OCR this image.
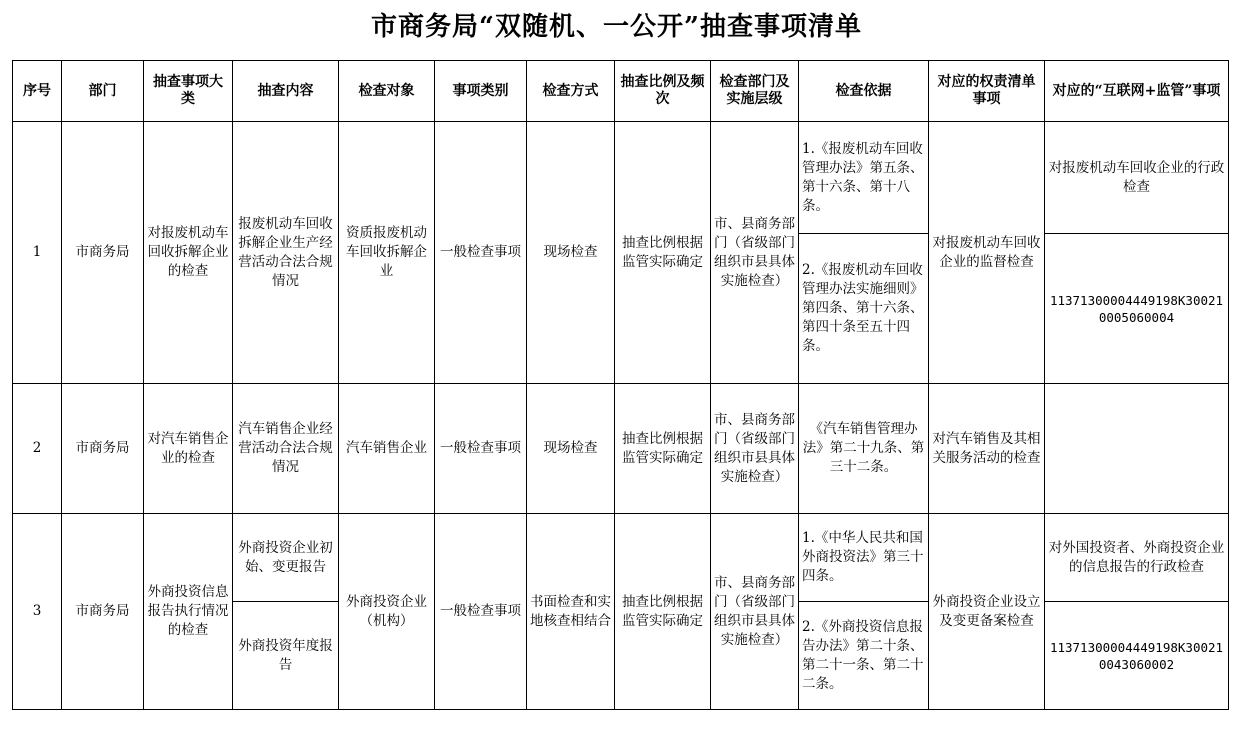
市商务局“双随机、一公开”抽查事项清单
序号	部门	抽查事项大类	抽查内容	检查对象	事项类别	检查方式	抽查比例及频次	检查部门及实施层级	检查依据	对应的权责清单事项	对应的“互联网+监管”事项
1	市商务局	对报废机动车回收拆解企业的检查	报废机动车回收拆解企业生产经营活动合法合规情况	资质报废机动车回收拆解企业	一般检查事项	现场检查	抽查比例根据监管实际确定	市、县商务部门（省级部门组织市县具体实施检查）	1.《报废机动车回收管理办法》第五条、第十六条、第十八条。	对报废机动车回收企业的监督检查	对报废机动车回收企业的行政检查
									2.《报废机动车回收管理办法实施细则》第四条、第十六条、第四十条至五十四条。		11371300004449198K300210005060004
2	市商务局	对汽车销售企业的检查	汽车销售企业经营活动合法合规情况	汽车销售企业	一般检查事项	现场检查	抽查比例根据监管实际确定	市、县商务部门（省级部门组织市县具体实施检查）	《汽车销售管理办法》第二十九条、第三十二条。	对汽车销售及其相关服务活动的检查	
3	市商务局	外商投资信息报告执行情况的检查	外商投资企业初始、变更报告	外商投资企业（机构）	一般检查事项	书面检查和实地核查相结合	抽查比例根据监管实际确定	市、县商务部门（省级部门组织市县具体实施检查）	1.《中华人民共和国外商投资法》第三十四条。	外商投资企业设立及变更备案检查	对外国投资者、外商投资企业的信息报告的行政检查
			外商投资年度报告						2.《外商投资信息报告办法》第二十条、第二十一条、第二十二条。		11371300004449198K300210043060002
